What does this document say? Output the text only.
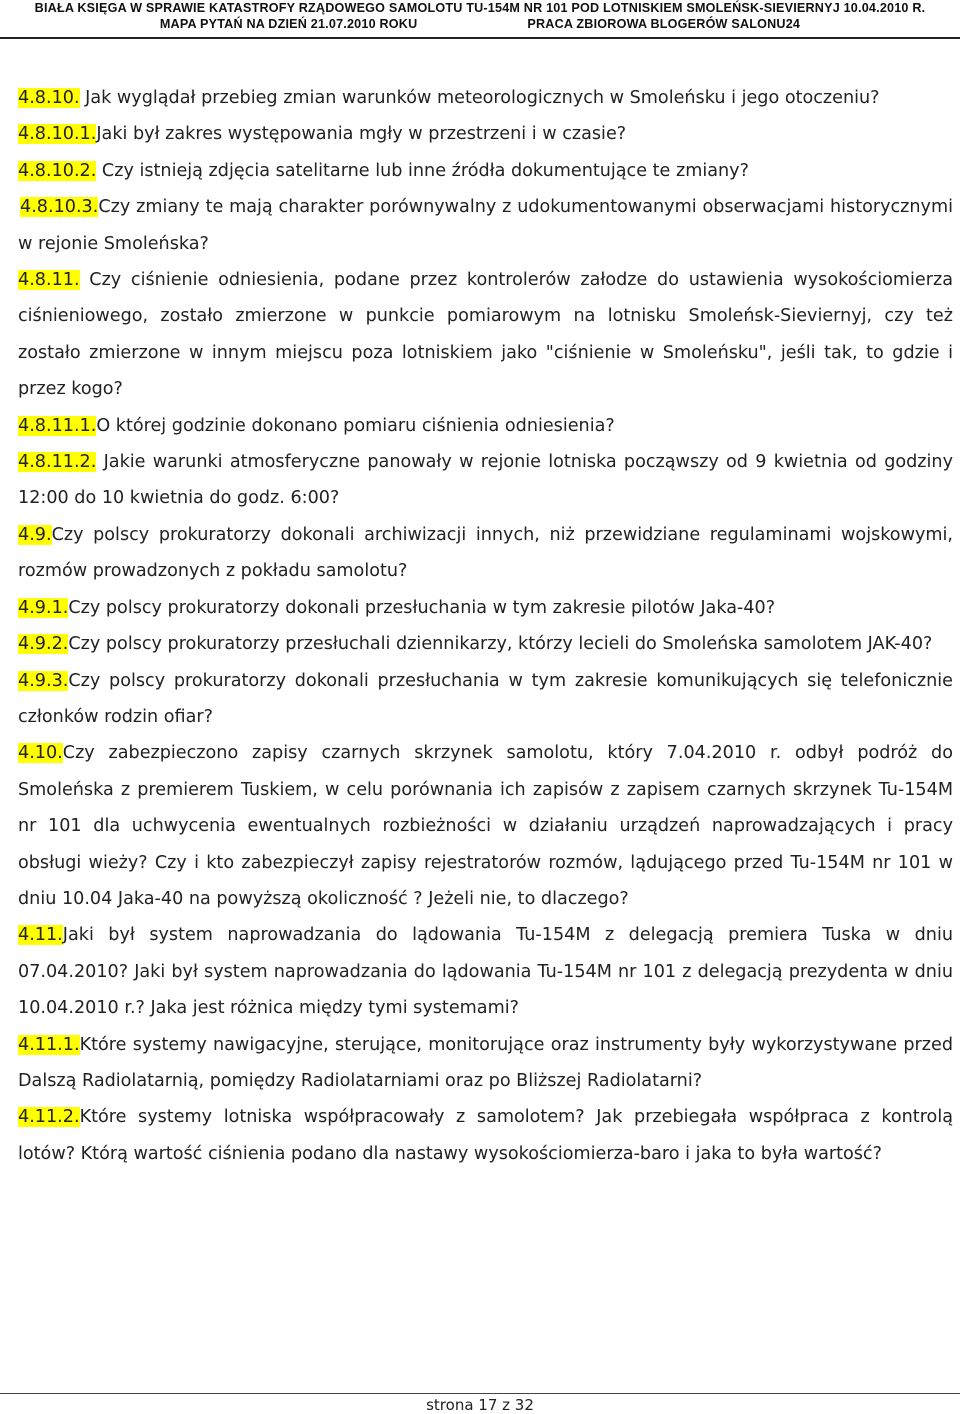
BIAŁA KSIĘGA W SPRAWIE KATASTROFY RZĄDOWEGO SAMOLOTU TU-154M NR 101 POD LOTNISKIEM SMOLEŃSK-SIEVIERNYJ 10.04.2010 R.
MAPA PYTAŃ NA DZIEŃ 21.07.2010 ROKU	PRACA ZBIOROWA BLOGERÓW SALONU24

4.8.10. Jak wyglądał przebieg zmian warunków meteorologicznych w Smoleńsku i jego otoczeniu?

4.8.10.1.Jaki był zakres występowania mgły w przestrzeni i w czasie?

4.8.10.2. Czy istnieją zdjęcia satelitarne lub inne źródła dokumentujące te zmiany?

4.8.10.3.Czy zmiany te mają charakter porównywalny z udokumentowanymi obserwacjami historycznymi w rejonie Smoleńska?

4.8.11. Czy ciśnienie odniesienia, podane przez kontrolerów załodze do ustawienia wysokościomierza ciśnieniowego, zostało zmierzone w punkcie pomiarowym na lotnisku Smoleńsk-Sieviernyj, czy też zostało zmierzone w innym miejscu poza lotniskiem jako "ciśnienie w Smoleńsku", jeśli tak, to gdzie i przez kogo?

4.8.11.1.O której godzinie dokonano pomiaru ciśnienia odniesienia?

4.8.11.2. Jakie warunki atmosferyczne panowały w rejonie lotniska począwszy od 9 kwietnia od godziny 12:00 do 10 kwietnia do godz. 6:00?

4.9.Czy polscy prokuratorzy dokonali archiwizacji innych, niż przewidziane regulaminami wojskowymi, rozmów prowadzonych z pokładu samolotu?

4.9.1.Czy polscy prokuratorzy dokonali przesłuchania w tym zakresie pilotów Jaka-40?

4.9.2.Czy polscy prokuratorzy przesłuchali dziennikarzy, którzy lecieli do Smoleńska samolotem JAK-40?

4.9.3.Czy polscy prokuratorzy dokonali przesłuchania w tym zakresie komunikujących się telefonicznie członków rodzin ofiar?

4.10.Czy zabezpieczono zapisy czarnych skrzynek samolotu, który 7.04.2010 r. odbył podróż do Smoleńska z premierem Tuskiem, w celu porównania ich zapisów z zapisem czarnych skrzynek Tu-154M nr 101 dla uchwycenia ewentualnych rozbieżności w działaniu urządzeń naprowadzających i pracy obsługi wieży? Czy i kto zabezpieczył zapisy rejestratorów rozmów, lądującego przed Tu-154M nr 101 w dniu 10.04 Jaka-40 na powyższą okoliczność ? Jeżeli nie, to dlaczego?

4.11.Jaki był system naprowadzania do lądowania Tu-154M z delegacją premiera Tuska w dniu 07.04.2010? Jaki był system naprowadzania do lądowania Tu-154M nr 101 z delegacją prezydenta w dniu 10.04.2010 r.? Jaka jest różnica między tymi systemami?

4.11.1.Które systemy nawigacyjne, sterujące, monitorujące oraz instrumenty były wykorzystywane przed Dalszą Radiolatarnią, pomiędzy Radiolatarniami oraz po Bliższej Radiolatarni?

4.11.2.Które systemy lotniska współpracowały z samolotem? Jak przebiegała współpraca z kontrolą lotów? Którą wartość ciśnienia podano dla nastawy wysokościomierza-baro i jaka to była wartość?

strona 17 z 32
